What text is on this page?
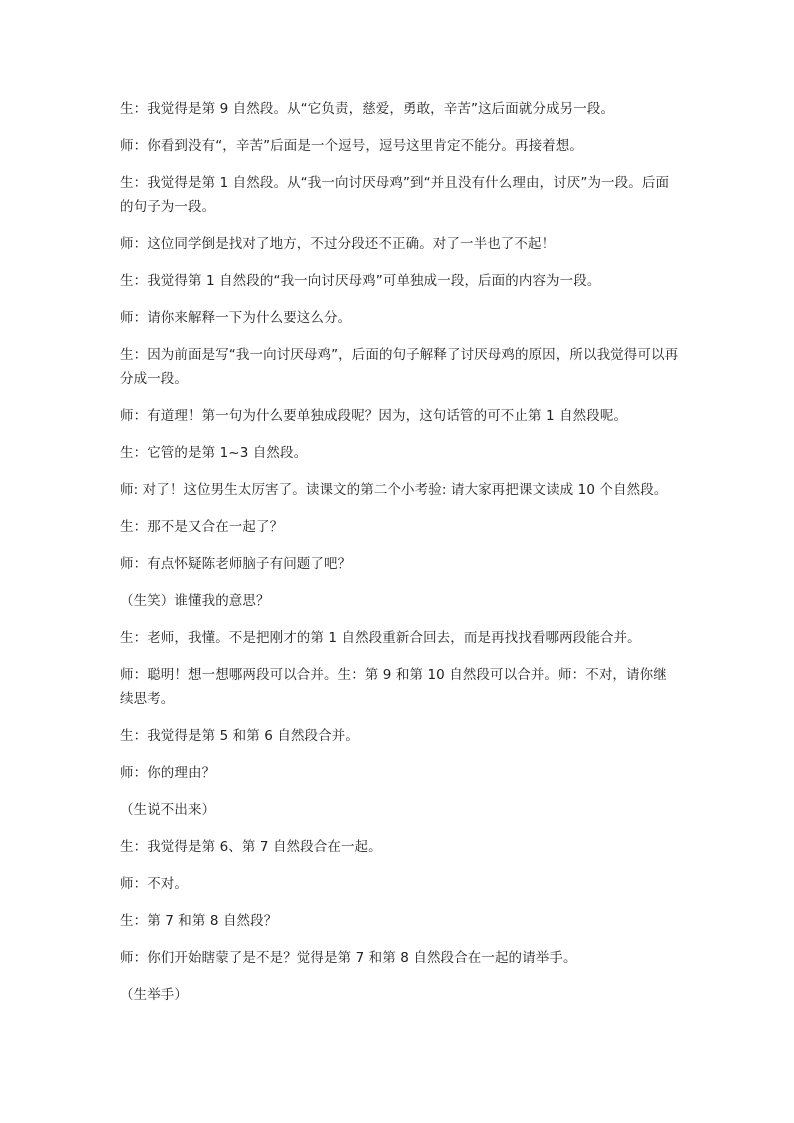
生：我觉得是第 9 自然段。从“它负责，慈爱，勇敢，辛苦”这后面就分成另一段。

师：你看到没有“，辛苦”后面是一个逗号，逗号这里肯定不能分。再接着想。

生：我觉得是第 1 自然段。从“我一向讨厌母鸡”到“并且没有什么理由，讨厌”为一段。后面的句子为一段。

师：这位同学倒是找对了地方，不过分段还不正确。对了一半也了不起！

生：我觉得第 1 自然段的“我一向讨厌母鸡”可单独成一段，后面的内容为一段。

师：请你来解释一下为什么要这么分。

生：因为前面是写“我一向讨厌母鸡”，后面的句子解释了讨厌母鸡的原因，所以我觉得可以再分成一段。

师：有道理！第一句为什么要单独成段呢？因为，这句话管的可不止第 1 自然段呢。

生：它管的是第 1~3 自然段。

师: 对了！这位男生太厉害了。读课文的第二个小考验: 请大家再把课文读成 10 个自然段。

生：那不是又合在一起了？

师：有点怀疑陈老师脑子有问题了吧？

（生笑）谁懂我的意思？

生：老师，我懂。不是把刚才的第 1 自然段重新合回去，而是再找找看哪两段能合并。

师：聪明！想一想哪两段可以合并。生：第 9 和第 10 自然段可以合并。师：不对，请你继续思考。

生：我觉得是第 5 和第 6 自然段合并。

师：你的理由？

（生说不出来）

生：我觉得是第 6、第 7 自然段合在一起。

师：不对。

生：第 7 和第 8 自然段？

师：你们开始瞎蒙了是不是？觉得是第 7 和第 8 自然段合在一起的请举手。

（生举手）
